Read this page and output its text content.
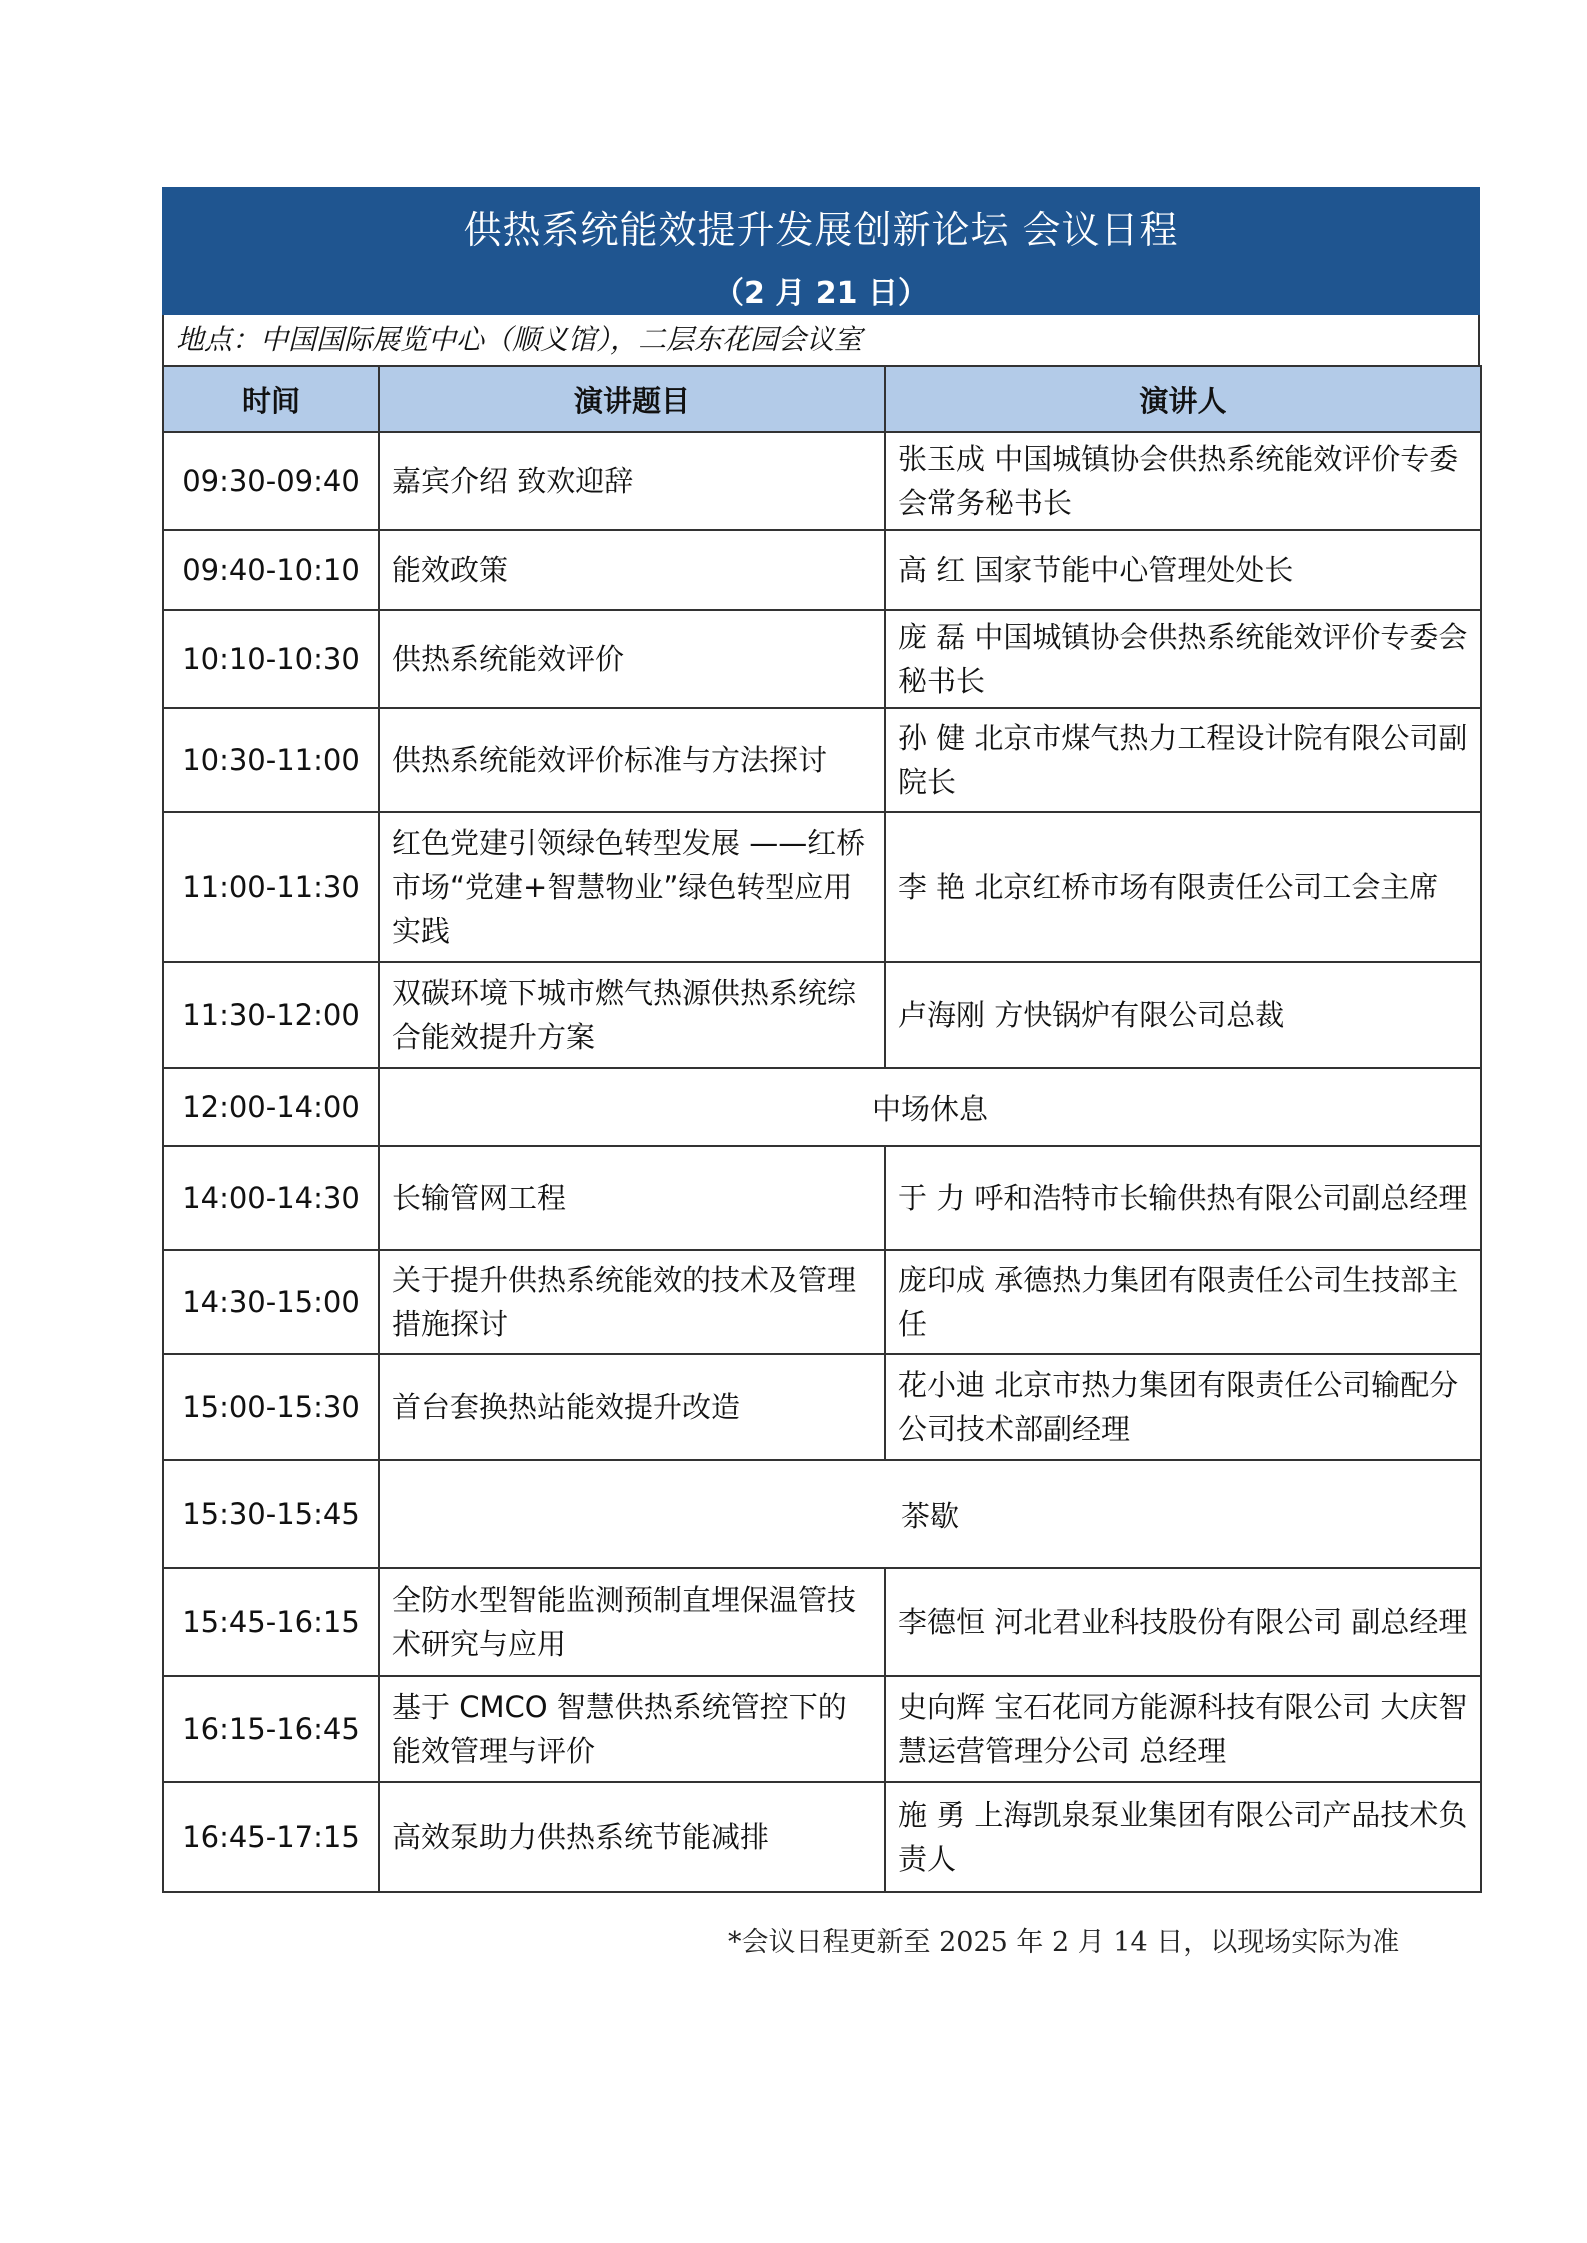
供热系统能效提升发展创新论坛 会议日程
（2 月 21 日）
地点：中国国际展览中心（顺义馆），二层东花园会议室
时间	演讲题目	演讲人
09:30-09:40	嘉宾介绍 致欢迎辞	张玉成 中国城镇协会供热系统能效评价专委会常务秘书长
09:40-10:10	能效政策	高 红 国家节能中心管理处处长
10:10-10:30	供热系统能效评价	庞 磊 中国城镇协会供热系统能效评价专委会秘书长
10:30-11:00	供热系统能效评价标准与方法探讨	孙 健 北京市煤气热力工程设计院有限公司副院长
11:00-11:30	红色党建引领绿色转型发展 ——红桥市场“党建+智慧物业”绿色转型应用实践	李 艳 北京红桥市场有限责任公司工会主席
11:30-12:00	双碳环境下城市燃气热源供热系统综合能效提升方案	卢海刚 方快锅炉有限公司总裁
12:00-14:00	中场休息	
14:00-14:30	长输管网工程	于 力 呼和浩特市长输供热有限公司副总经理
14:30-15:00	关于提升供热系统能效的技术及管理措施探讨	庞印成 承德热力集团有限责任公司生技部主任
15:00-15:30	首台套换热站能效提升改造	花小迪 北京市热力集团有限责任公司输配分公司技术部副经理
15:30-15:45	茶歇	
15:45-16:15	全防水型智能监测预制直埋保温管技术研究与应用	李德恒 河北君业科技股份有限公司 副总经理
16:15-16:45	基于 CMCO 智慧供热系统管控下的能效管理与评价	史向辉 宝石花同方能源科技有限公司 大庆智慧运营管理分公司 总经理
16:45-17:15	高效泵助力供热系统节能减排	施 勇 上海凯泉泵业集团有限公司产品技术负责人
*会议日程更新至 2025 年 2 月 14 日，以现场实际为准
